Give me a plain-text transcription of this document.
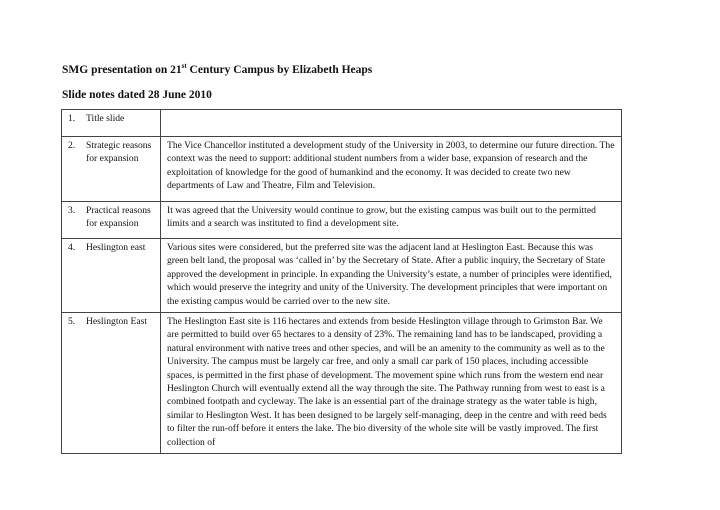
SMG presentation on 21st Century Campus by Elizabeth Heaps
Slide notes dated 28 June 2010
1. Title slide	

2. Strategic reasons for expansion	The Vice Chancellor instituted a development study of the University in 2003, to determine our future direction. The context was the need to support: additional student numbers from a wider base, expansion of research and the exploitation of knowledge for the good of humankind and the economy. It was decided to create two new departments of Law and Theatre, Film and Television.

3. Practical reasons for expansion	It was agreed that the University would continue to grow, but the existing campus was built out to the permitted limits and a search was instituted to find a development site.

4. Heslington east	Various sites were considered, but the preferred site was the adjacent land at Heslington East. Because this was green belt land, the proposal was ‘called in’ by the Secretary of State. After a public inquiry, the Secretary of State approved the development in principle. In expanding the University’s estate, a number of principles were identified, which would preserve the integrity and unity of the University. The development principles that were important on the existing campus would be carried over to the new site.

5. Heslington East	The Heslington East site is 116 hectares and extends from beside Heslington village through to Grimston Bar. We are permitted to build over 65 hectares to a density of 23%. The remaining land has to be landscaped, providing a natural environment with native trees and other species, and will be an amenity to the community as well as to the University. The campus must be largely car free, and only a small car park of 150 places, including accessible spaces, is permitted in the first phase of development. The movement spine which runs from the western end near Heslington Church will eventually extend all the way through the site. The Pathway running from west to east is a combined footpath and cycleway. The lake is an essential part of the drainage strategy as the water table is high, similar to Heslington West. It has been designed to be largely self-managing, deep in the centre and with reed beds to filter the run-off before it enters the lake. The bio diversity of the whole site will be vastly improved. The first collection of
